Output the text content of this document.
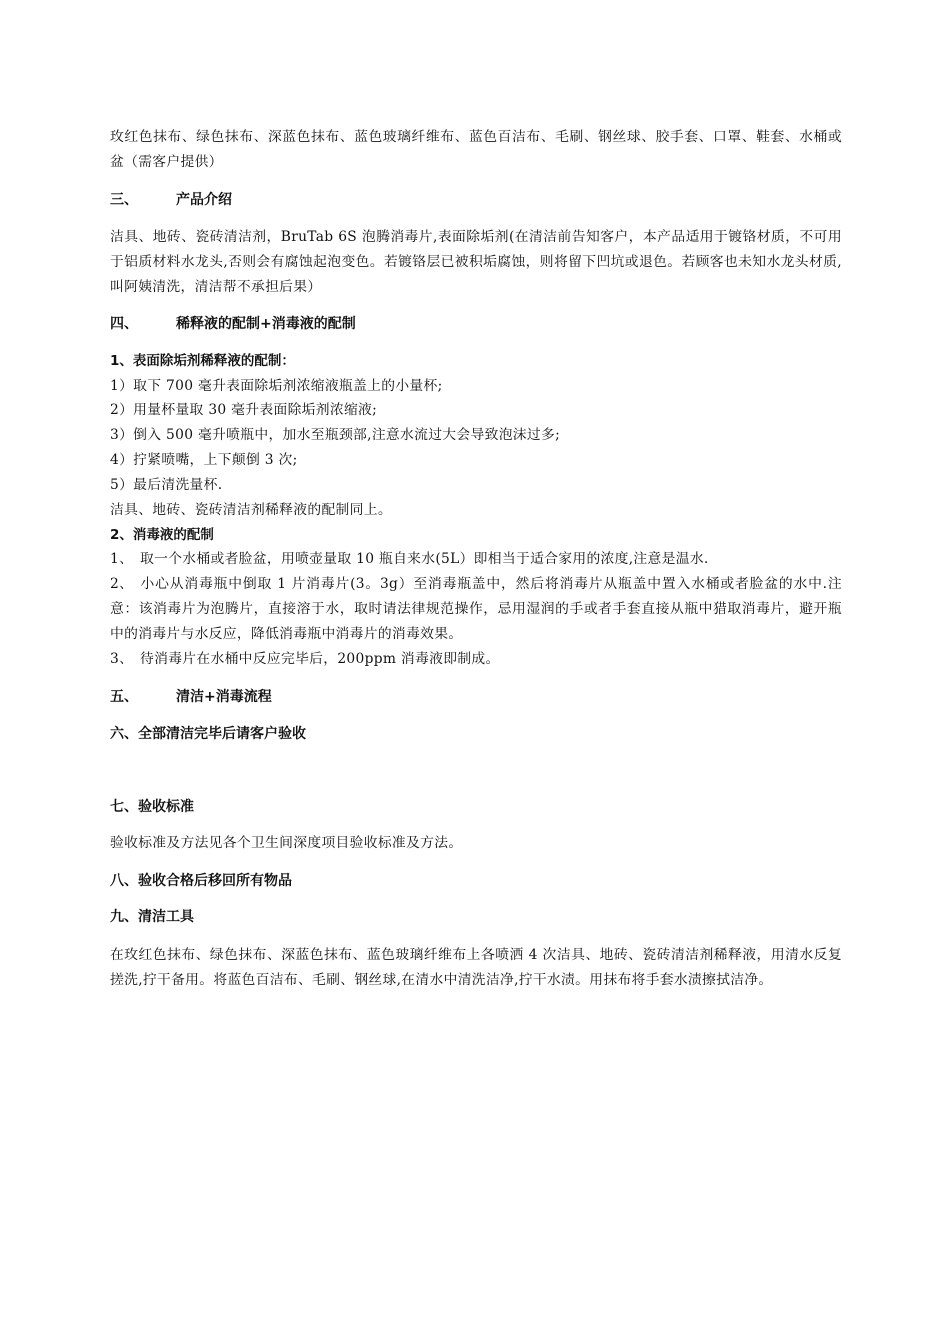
玫红色抹布、绿色抹布、深蓝色抹布、蓝色玻璃纤维布、蓝色百洁布、毛刷、钢丝球、胶手套、口罩、鞋套、水桶或盆（需客户提供）

三、	产品介绍

洁具、地砖、瓷砖清洁剂，BruTab 6S 泡腾消毒片,表面除垢剂(在清洁前告知客户，本产品适用于镀铬材质，不可用于铝质材料水龙头,否则会有腐蚀起泡变色。若镀铬层已被积垢腐蚀，则将留下凹坑或退色。若顾客也未知水龙头材质,叫阿姨清洗，清洁帮不承担后果）

四、	稀释液的配制+消毒液的配制
1、表面除垢剂稀释液的配制：
1）取下 700 毫升表面除垢剂浓缩液瓶盖上的小量杯;
2）用量杯量取 30 毫升表面除垢剂浓缩液;
3）倒入 500 毫升喷瓶中，加水至瓶颈部,注意水流过大会导致泡沫过多;
4）拧紧喷嘴，上下颠倒 3 次;
5）最后清洗量杯.
洁具、地砖、瓷砖清洁剂稀释液的配制同上。
2、消毒液的配制
1、 取一个水桶或者脸盆，用喷壶量取 10 瓶自来水(5L）即相当于适合家用的浓度,注意是温水.
2、 小心从消毒瓶中倒取 1 片消毒片(3。3g）至消毒瓶盖中，然后将消毒片从瓶盖中置入水桶或者脸盆的水中.注意：该消毒片为泡腾片，直接溶于水，取时请法律规范操作，忌用湿润的手或者手套直接从瓶中猎取消毒片，避开瓶中的消毒片与水反应，降低消毒瓶中消毒片的消毒效果。
3、 待消毒片在水桶中反应完毕后，200ppm 消毒液即制成。
五、	清洁+消毒流程
六、全部清洁完毕后请客户验收
七、验收标准
验收标准及方法见各个卫生间深度项目验收标准及方法。
八、验收合格后移回所有物品
九、清洁工具

在玫红色抹布、绿色抹布、深蓝色抹布、蓝色玻璃纤维布上各喷洒 4 次洁具、地砖、瓷砖清洁剂稀释液，用清水反复搓洗,拧干备用。将蓝色百洁布、毛刷、钢丝球,在清水中清洗洁净,拧干水渍。用抹布将手套水渍擦拭洁净。
